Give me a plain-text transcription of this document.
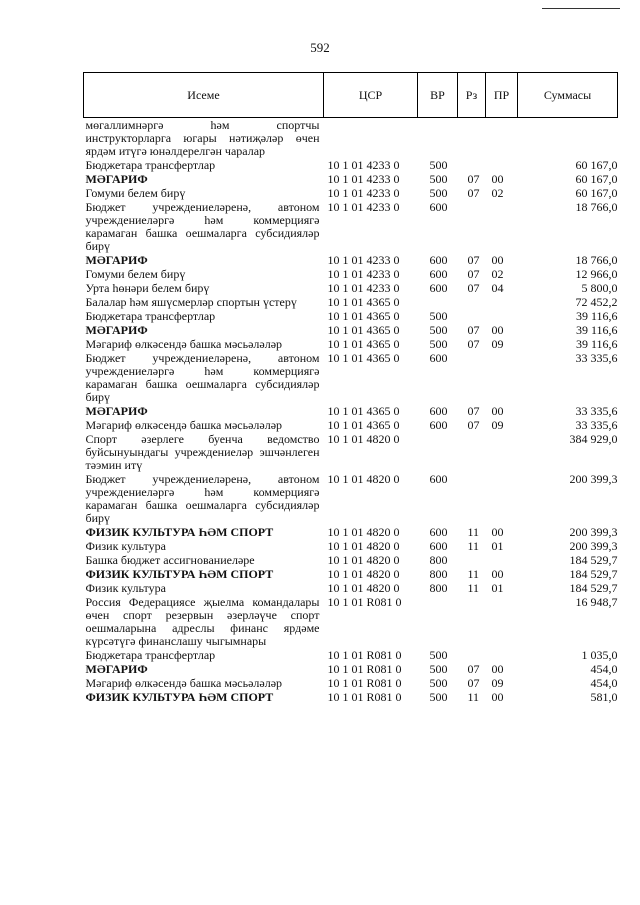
592
Исеме	ЦСР	ВР	Рз	ПР	Суммасы
мөгаллимнәргә һәм спортчы инструкторларга югары нәтиҗәләр өчен ярдәм итүгә юнәлдерелгән чаралар					
Бюджетара трансфертлар	10 1 01 4233 0	500			60 167,0
МӘГАРИФ	10 1 01 4233 0	500	07	00	60 167,0
Гомуми белем бирү	10 1 01 4233 0	500	07	02	60 167,0
Бюджет учреждениеләренә, автоном учреждениеләргә һәм коммерциягә карамаган башка оешмаларга субсидияләр бирү	10 1 01 4233 0	600			18 766,0
МӘГАРИФ	10 1 01 4233 0	600	07	00	18 766,0
Гомуми белем бирү	10 1 01 4233 0	600	07	02	12 966,0
Урта һөнәри белем бирү	10 1 01 4233 0	600	07	04	5 800,0
Балалар һәм яшүсмерләр спортын үстерү	10 1 01 4365 0				72 452,2
Бюджетара трансфертлар	10 1 01 4365 0	500			39 116,6
МӘГАРИФ	10 1 01 4365 0	500	07	00	39 116,6
Мәгариф өлкәсендә башка мәсьәләләр	10 1 01 4365 0	500	07	09	39 116,6
Бюджет учреждениеләренә, автоном учреждениеләргә һәм коммерциягә карамаган башка оешмаларга субсидияләр бирү	10 1 01 4365 0	600			33 335,6
МӘГАРИФ	10 1 01 4365 0	600	07	00	33 335,6
Мәгариф өлкәсендә башка мәсьәләләр	10 1 01 4365 0	600	07	09	33 335,6
Спорт әзерлеге буенча ведомство буйсынуындагы учреждениеләр эшчәнлеген тәэмин итү	10 1 01 4820 0				384 929,0
Бюджет учреждениеләренә, автоном учреждениеләргә һәм коммерциягә карамаган башка оешмаларга субсидияләр бирү	10 1 01 4820 0	600			200 399,3
ФИЗИК КУЛЬТУРА ҺӘМ СПОРТ	10 1 01 4820 0	600	11	00	200 399,3
Физик культура	10 1 01 4820 0	600	11	01	200 399,3
Башка бюджет ассигнованиеләре	10 1 01 4820 0	800			184 529,7
ФИЗИК КУЛЬТУРА ҺӘМ СПОРТ	10 1 01 4820 0	800	11	00	184 529,7
Физик культура	10 1 01 4820 0	800	11	01	184 529,7
Россия Федерациясе җыелма командалары өчен спорт резервын әзерләүче спорт оешмаларына адреслы финанс ярдәме күрсәтүгә финанслашу чыгымнары	10 1 01 R081 0				16 948,7
Бюджетара трансфертлар	10 1 01 R081 0	500			1 035,0
МӘГАРИФ	10 1 01 R081 0	500	07	00	454,0
Мәгариф өлкәсендә башка мәсьәләләр	10 1 01 R081 0	500	07	09	454,0
ФИЗИК КУЛЬТУРА ҺӘМ СПОРТ	10 1 01 R081 0	500	11	00	581,0
